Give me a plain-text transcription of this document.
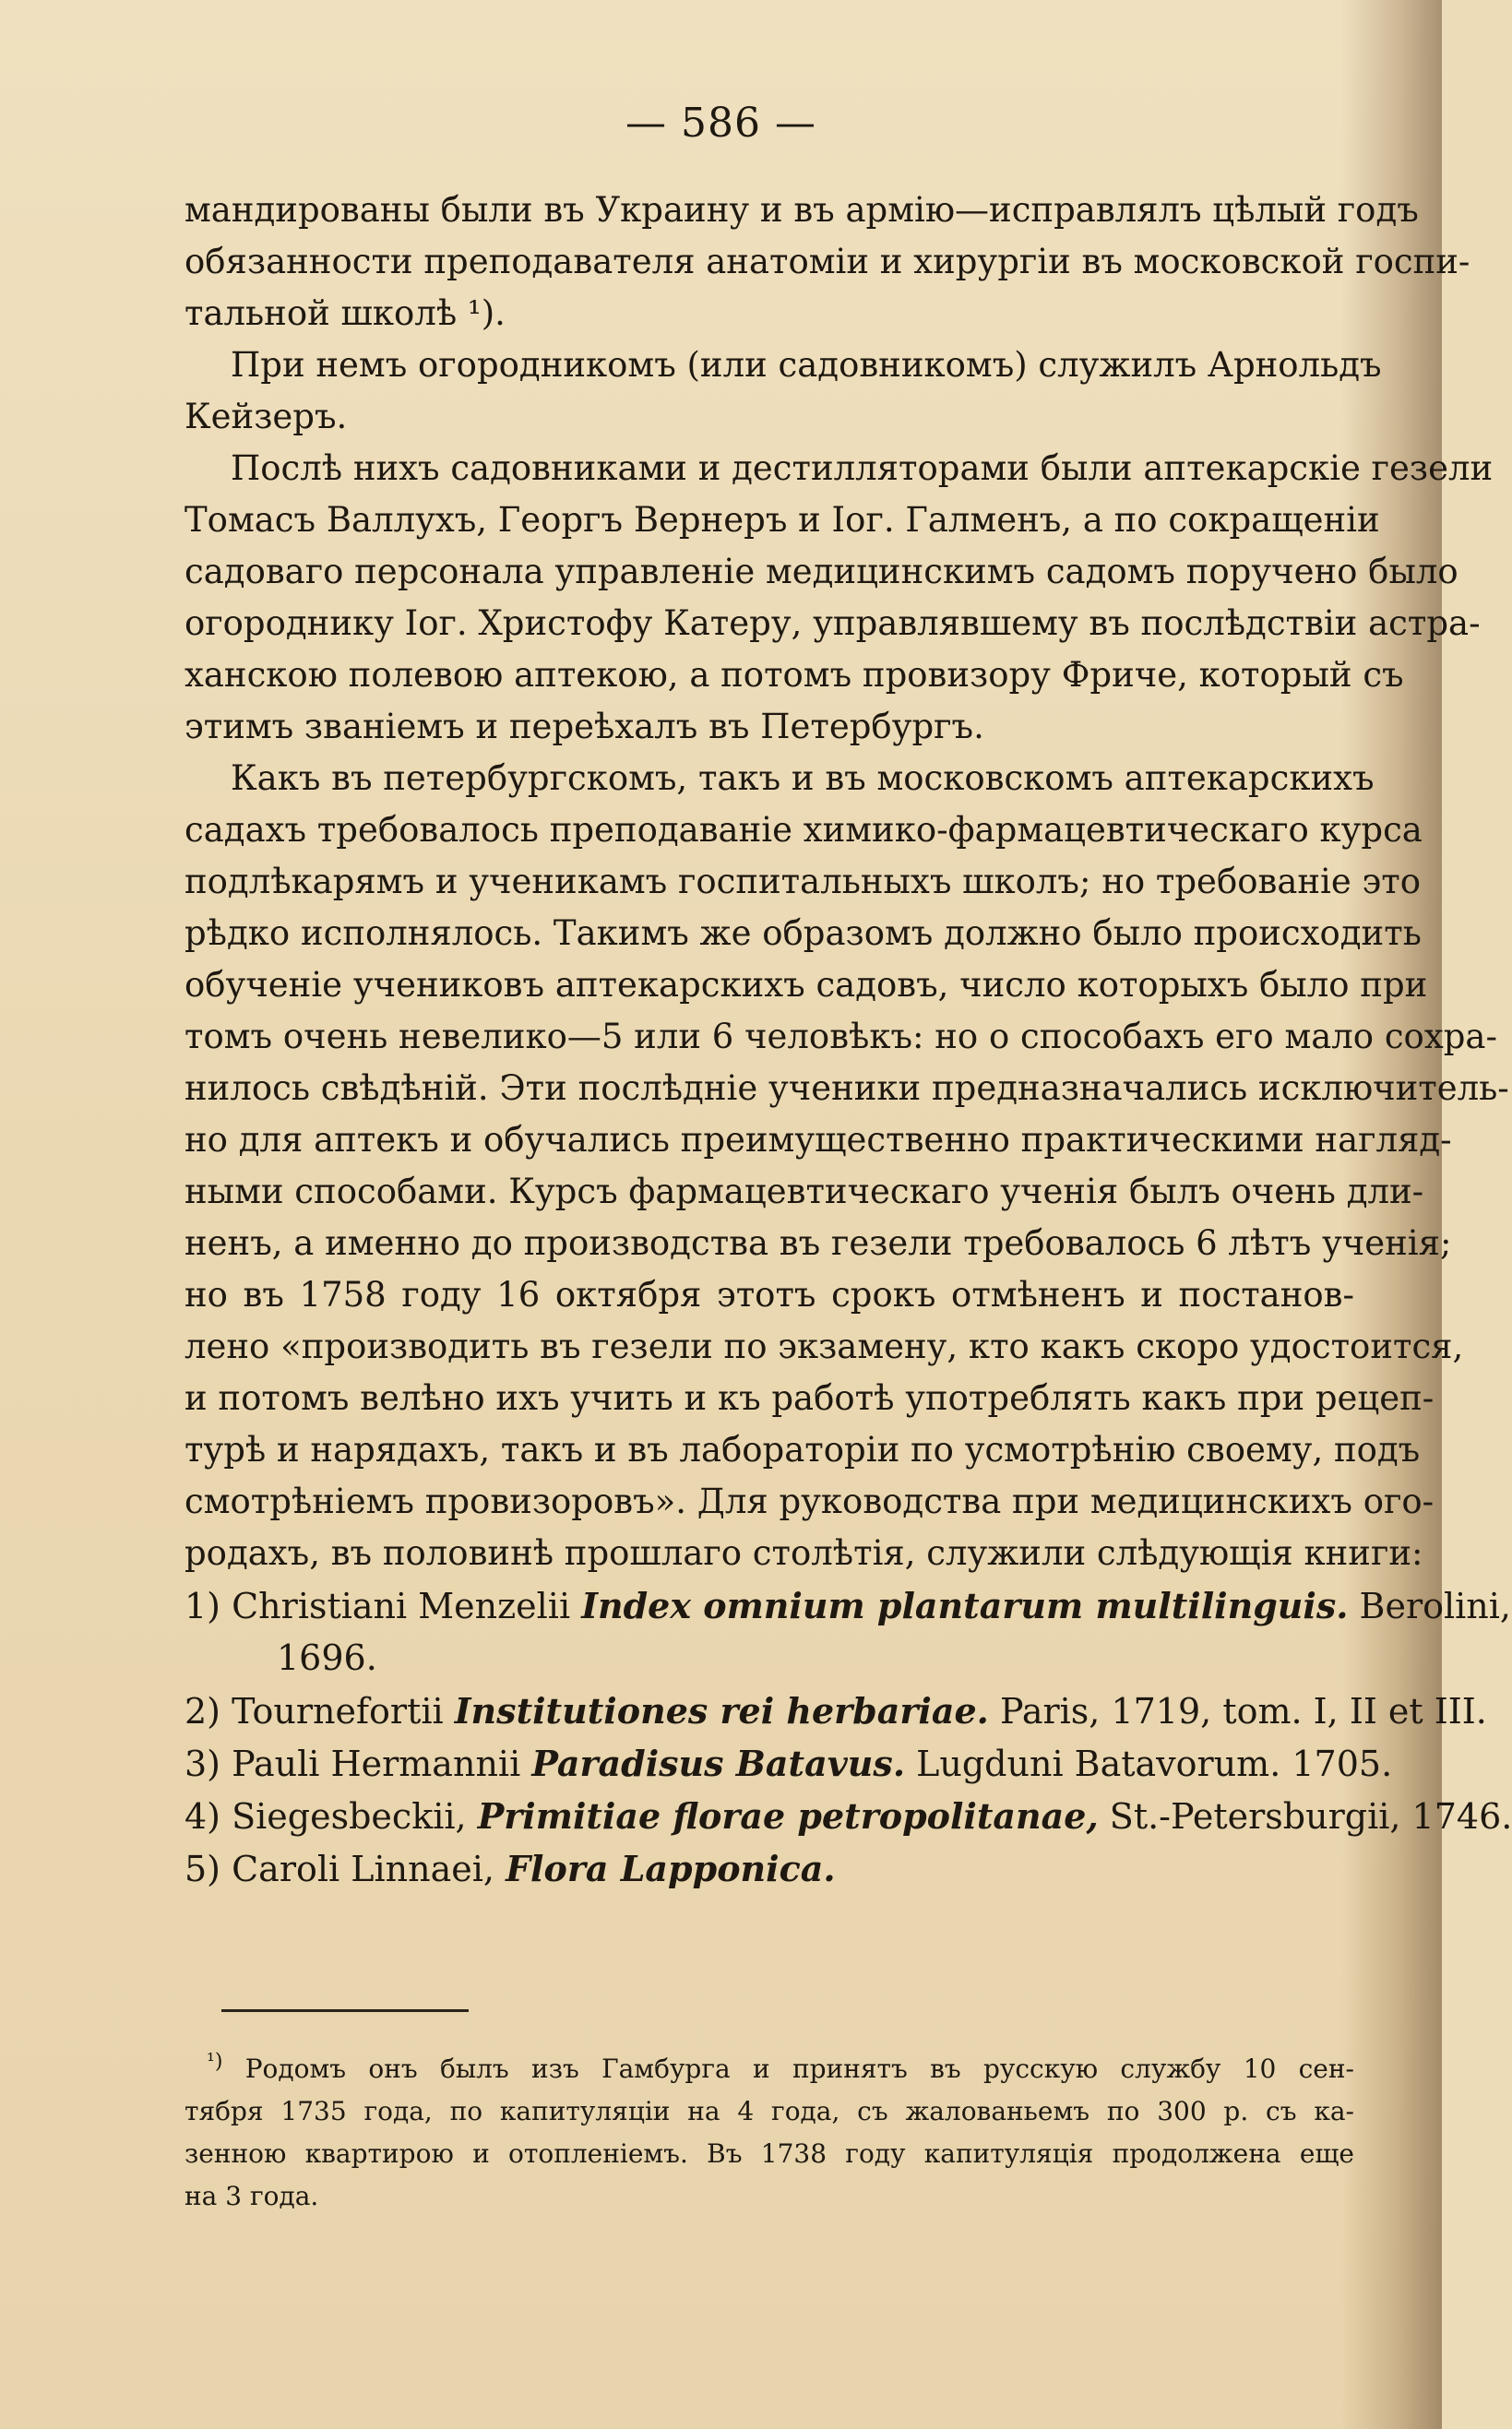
— 586 —
мандированы были въ Украину и въ армію—исправлялъ цѣлый годъ
обязанности преподавателя анатоміи и хирургіи въ московской госпи-
тальной школѣ ¹).
При немъ огородникомъ (или садовникомъ) служилъ Арнольдъ
Кейзеръ.
Послѣ нихъ садовниками и дестилляторами были аптекарскіе гезели
Томасъ Валлухъ, Георгъ Вернеръ и Іог. Галменъ, а по сокращеніи
садоваго персонала управленіе медицинскимъ садомъ поручено было
огороднику Іог. Христофу Катеру, управлявшему въ послѣдствіи астра-
ханскою полевою аптекою, а потомъ провизору Фриче, который съ
этимъ званіемъ и переѣхалъ въ Петербургъ.
Какъ въ петербургскомъ, такъ и въ московскомъ аптекарскихъ
садахъ требовалось преподаваніе химико-фармацевтическаго курса
подлѣкарямъ и ученикамъ госпитальныхъ школъ; но требованіе это
рѣдко исполнялось. Такимъ же образомъ должно было происходить
обученіе учениковъ аптекарскихъ садовъ, число которыхъ было при
томъ очень невелико—5 или 6 человѣкъ: но о способахъ его мало сохра-
нилось свѣдѣній. Эти послѣдніе ученики предназначались исключитель-
но для аптекъ и обучались преимущественно практическими нагляд-
ными способами. Курсъ фармацевтическаго ученія былъ очень дли-
ненъ, а именно до производства въ гезели требовалось 6 лѣтъ ученія;
но въ 1758 году 16 октября этотъ срокъ отмѣненъ и постанов-
лено «производить въ гезели по экзамену, кто какъ скоро удостоится,
и потомъ велѣно ихъ учить и къ работѣ употреблять какъ при рецеп-
турѣ и нарядахъ, такъ и въ лабораторіи по усмотрѣнію своему, подъ
смотрѣніемъ провизоровъ». Для руководства при медицинскихъ ого-
родахъ, въ половинѣ прошлаго столѣтія, служили слѣдующія книги:
1) Christiani Menzelii Index omnium plantarum multilinguis. Berolini,
1696.
2) Tournefortii Institutiones rei herbariae. Paris, 1719, tom. I, II et III.
3) Pauli Hermannii Paradisus Batavus. Lugduni Batavorum. 1705.
4) Siegesbeckii, Primitiae florae petropolitanae, St.-Petersburgii, 1746.
5) Caroli Linnaei, Flora Lapponica.
$^{^1)}$ Родомъ онъ былъ изъ Гамбурга и принятъ въ русскую службу 10 сен-
тября 1735 года, по капитуляціи на 4 года, съ жалованьемъ по 300 р. съ ка-
зенною квартирою и отопленіемъ. Въ 1738 году капитуляція продолжена еще
на 3 года.
